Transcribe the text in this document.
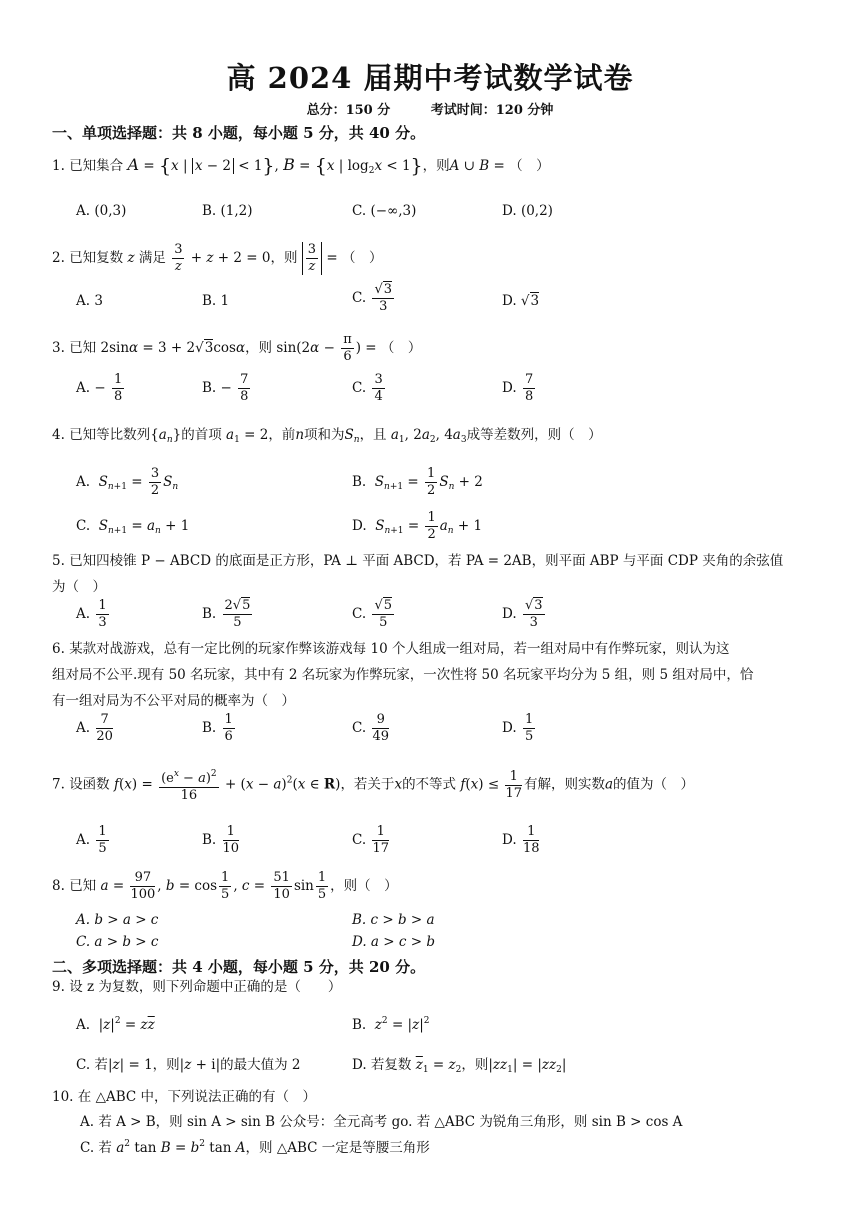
高 2024 届期中考试数学试卷
总分：150 分	考试时间：120 分钟
一、单项选择题：共 8 小题，每小题 5 分，共 40 分。
1. 已知集合 A = {x | x − 2 < 1}, B = {x | $\log_2x < 1$}，则A ∪ B = （　）
A. (0,3)	B. (1,2)	C. (−∞,3)	D. (0,2)
2. 已知复数 z 满足 $\frac{3}{z} + z + 2 = 0$，则 $\frac{3}{z}$ = （　）
A. 3	B. 1	C. $\frac{√3}{3}$	D. √3
3. 已知 2sinα = 3 + 2√3cosα，则 $\sin(2\alpha - \frac{\pi}{6}$ ) = （　）
A. − $\frac{1}{8}$	B. − $\frac{7}{8}$	C. $\frac{3}{4}$	D. $\frac{7}{8}$
4. 已知等比数列$\{a_n\}$的首项 $a_1 = 2$，前n项和为$S_n$，且 $a_1$, $2a_2$, $4a_3$成等差数列，则（　）
A.  $S_{n+1} = \frac{3}{2} S_n$	B.  $S_{n+1} = \frac{1}{2} S_n + 2$
C.  $S_{n+1} = a_n + 1$	D.  $S_{n+1} = \frac{1}{2} a_n + 1$
5. 已知四棱锥 P − ABCD 的底面是正方形，PA ⊥ 平面 ABCD，若 PA = 2AB，则平面 ABP 与平面 CDP 夹角的余弦值
为（　）
A. $\frac{1}{3}$	B. $\frac{2√5}{5}$	C. $\frac{√5}{5}$	D. $\frac{√3}{3}$
6. 某款对战游戏，总有一定比例的玩家作弊该游戏每 10 个人组成一组对局，若一组对局中有作弊玩家，则认为这
组对局不公平.现有 50 名玩家，其中有 2 名玩家为作弊玩家，一次性将 50 名玩家平均分为 5 组，则 5 组对局中，恰
有一组对局为不公平对局的概率为（　）
A. $\frac{7}{20}$	B. $\frac{1}{6}$	C. $\frac{9}{49}$	D. $\frac{1}{5}$
7. 设函数 $f(x) = \frac{(e^x - a)^2}{16} + (x - a)^2(x$ ∈ R)，若关于x的不等式 $f(x) \le \frac{1}{17}$ 有解，则实数a的值为（　）
A. $\frac{1}{5}$	B. $\frac{1}{10}$	C. $\frac{1}{17}$	D. $\frac{1}{18}$
8. 已知 $a = \frac{97}{100}$ , $b = \cos \frac{1}{5}$ , $c = \frac{51}{10}$ $\sin \frac{1}{5}$ ，则（　）
A. b > a > c	B. c > b > a
C. a > b > c	D. a > c > b
二、多项选择题：共 4 小题，每小题 5 分，共 20 分。
9. 设 z 为复数，则下列命题中正确的是（　　）
A.  $|z|^2 = z\overline{z}$	B.  $z^2 = |z|^2$
C. 若|z| = 1，则|z + i|的最大值为 2	D. 若复数 $\overline{z}_1 = z_2$，则$|zz_1| = |zz_2|$
10. 在 △ABC 中，下列说法正确的有（　）
A. 若 A > B，则 sin A > sin B 公众号：全元高考 go. 若 △ABC 为锐角三角形，则 sin B > cos A
C. 若 $a^2$ $\tan B = b^2$ tan A，则 △ABC 一定是等腰三角形
